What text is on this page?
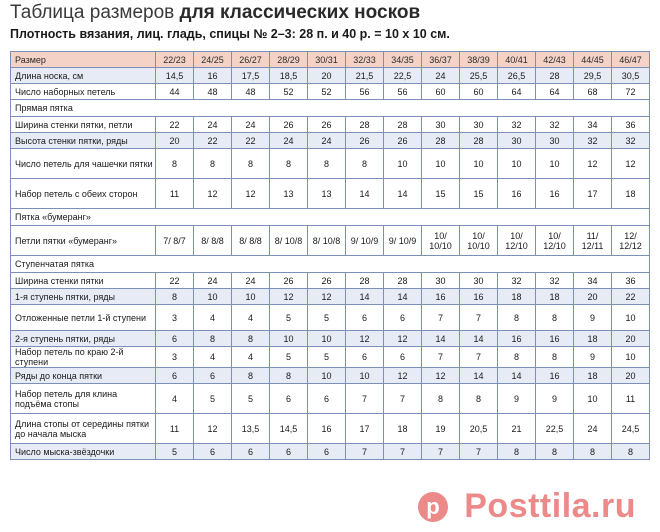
Таблица размеров для классических носков

Плотность вязания, лиц. гладь, спицы № 2–3: 28 п. и 40 р. = 10 х 10 см.

Размер	22/23	24/25	26/27	28/29	30/31	32/33	34/35	36/37	38/39	40/41	42/43	44/45	46/47
Длина носка, см	14,5	16	17,5	18,5	20	21,5	22,5	24	25,5	26,5	28	29,5	30,5
Число наборных петель	44	48	48	52	52	56	56	60	60	64	64	68	72
Прямая пятка													
Ширина стенки пятки, петли	22	24	24	26	26	28	28	30	30	32	32	34	36
Высота стенки пятки, ряды	20	22	22	24	24	26	26	28	28	30	30	32	32
Число петель для чашечки пятки	8	8	8	8	8	8	10	10	10	10	10	12	12
Набор петель с обеих сторон	11	12	12	13	13	14	14	15	15	16	16	17	18
Пятка «бумеранг»													
Петли пятки «бумеранг»	7/ 8/7	8/ 8/8	8/ 8/8	8/ 10/8	8/ 10/8	9/ 10/9	9/ 10/9	10/ 10/10	10/ 10/10	10/ 12/10	10/ 12/10	11/ 12/11	12/ 12/12
Ступенчатая пятка													
Ширина стенки пятки	22	24	24	26	26	28	28	30	30	32	32	34	36
1-я ступень пятки, ряды	8	10	10	12	12	14	14	16	16	18	18	20	22
Отложенные петли 1-й ступени	3	4	4	5	5	6	6	7	7	8	8	9	10
2-я ступень пятки, ряды	6	8	8	10	10	12	12	14	14	16	16	18	20
Набор петель по краю 2-й ступени	3	4	4	5	5	6	6	7	7	8	8	9	10
Ряды до конца пятки	6	6	8	8	10	10	12	12	14	14	16	18	20
Набор петель для клина подъёма стопы	4	5	5	6	6	7	7	8	8	9	9	10	11
Длина стопы от середины пятки до начала мыска	11	12	13,5	14,5	16	17	18	19	20,5	21	22,5	24	24,5
Число мыска-звёздочки	5	6	6	6	6	7	7	7	7	8	8	8	8
p Posttila.ru
